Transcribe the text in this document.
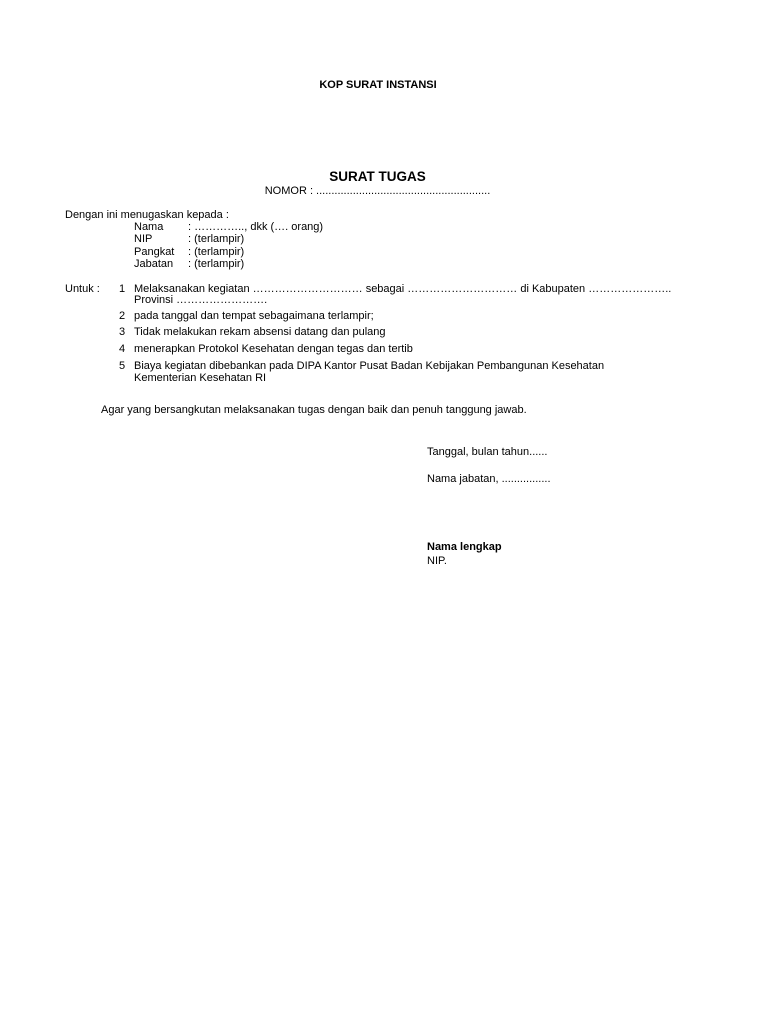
KOP SURAT INSTANSI
SURAT TUGAS
NOMOR : .........................................................
Dengan ini menugaskan kepada :
Nama : ………….., dkk (…. orang)
NIP	: (terlampir)
Pangkat : (terlampir)
Jabatan : (terlampir)
Untuk : 1 Melaksanakan kegiatan ………………………… sebagai ………………………… di Kabupaten …………………..
Provinsi …………………….
2 pada tanggal dan tempat sebagaimana terlampir;
3 Tidak melakukan rekam absensi datang dan pulang
4 menerapkan Protokol Kesehatan dengan tegas dan tertib
5 Biaya kegiatan dibebankan pada DIPA Kantor Pusat Badan Kebijakan Pembangunan Kesehatan
Kementerian Kesehatan RI
Agar yang bersangkutan melaksanakan tugas dengan baik dan penuh tanggung jawab.
Tanggal, bulan tahun......
Nama jabatan, ................
Nama lengkap
NIP.
